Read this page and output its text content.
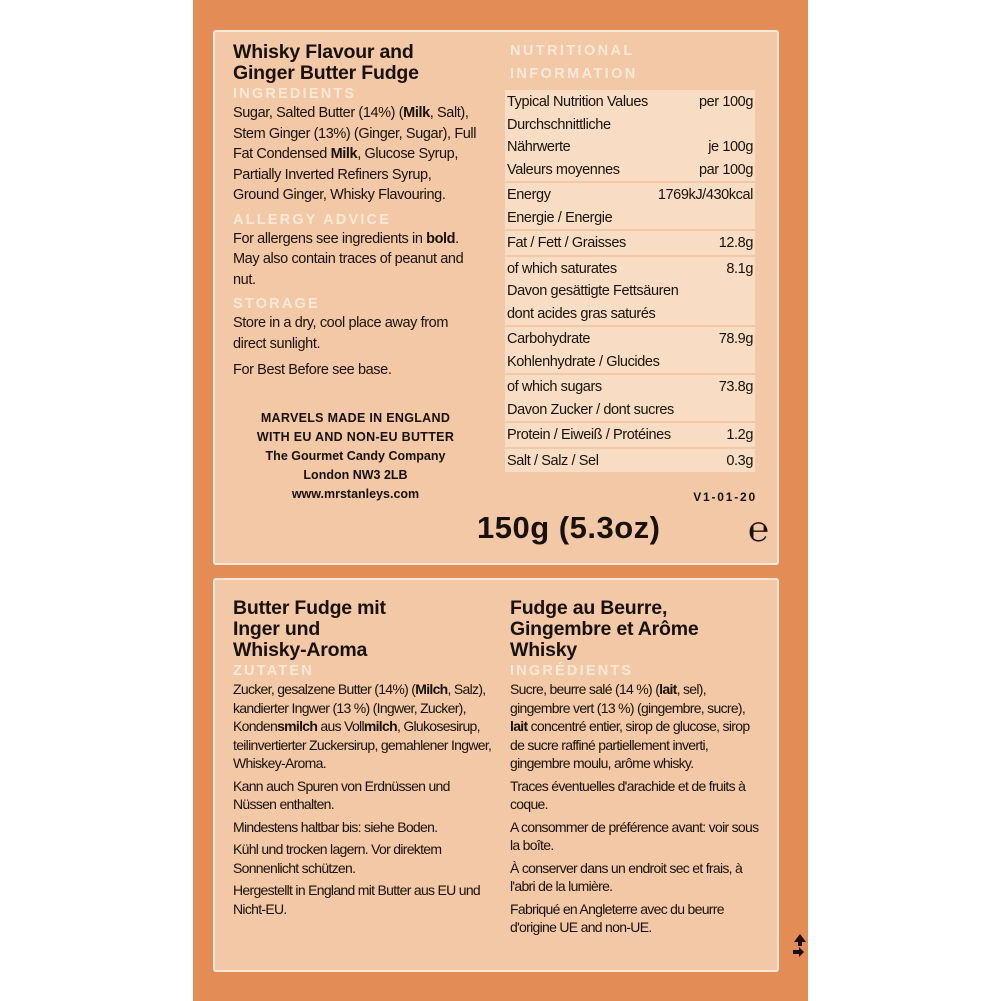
Whisky Flavour and
Ginger Butter Fudge
INGREDIENTS

Sugar, Salted Butter (14%) (Milk, Salt), Stem Ginger (13%) (Ginger, Sugar), Full Fat Condensed Milk, Glucose Syrup, Partially Inverted Refiners Syrup, Ground Ginger, Whisky Flavouring.

ALLERGY ADVICE

For allergens see ingredients in bold. May also contain traces of peanut and nut.

STORAGE

Store in a dry, cool place away from direct sunlight.

For Best Before see base.

MARVELS MADE IN ENGLAND
WITH EU AND NON-EU BUTTER
The Gourmet Candy Company
London NW3 2LB
www.mrstanleys.com
NUTRITIONAL
INFORMATION
Typical Nutrition Values	per 100g
Durchschnittliche
Nährwerte	je 100g
Valeurs moyennes	par 100g
Energy	1769kJ/430kcal
Energie / Energie
Fat / Fett / Graisses	12.8g
of which saturates	8.1g
Davon gesättigte Fettsäuren
dont acides gras saturés
Carbohydrate	78.9g
Kohlenhydrate / Glucides
of which sugars	73.8g
Davon Zucker / dont sucres
Protein / Eiweiß / Protéines	1.2g
Salt / Salz / Sel	0.3g
V1-01-20
150g (5.3oz)	℮
Butter Fudge mit
Inger und
Whisky-Aroma
ZUTATEN

Zucker, gesalzene Butter (14%) (Milch, Salz), kandierter Ingwer (13 %) (Ingwer, Zucker), Kondensmilch aus Vollmilch, Glukosesirup, teilinvertierter Zuckersirup, gemahlener Ingwer, Whiskey-Aroma.

Kann auch Spuren von Erdnüssen und Nüssen enthalten.

Mindestens haltbar bis: siehe Boden.

Kühl und trocken lagern. Vor direktem Sonnenlicht schützen.

Hergestellt in England mit Butter aus EU und Nicht-EU.

Fudge au Beurre,
Gingembre et Arôme
Whisky
INGRÉDIENTS

Sucre, beurre salé (14 %) (lait, sel), gingembre vert (13 %) (gingembre, sucre), lait concentré entier, sirop de glucose, sirop de sucre raffiné partiellement inverti, gingembre moulu, arôme whisky.

Traces éventuelles d'arachide et de fruits à coque.

A consommer de préférence avant: voir sous la boîte.

À conserver dans un endroit sec et frais, à l'abri de la lumière.

Fabriqué en Angleterre avec du beurre d'origine UE and non-UE.
